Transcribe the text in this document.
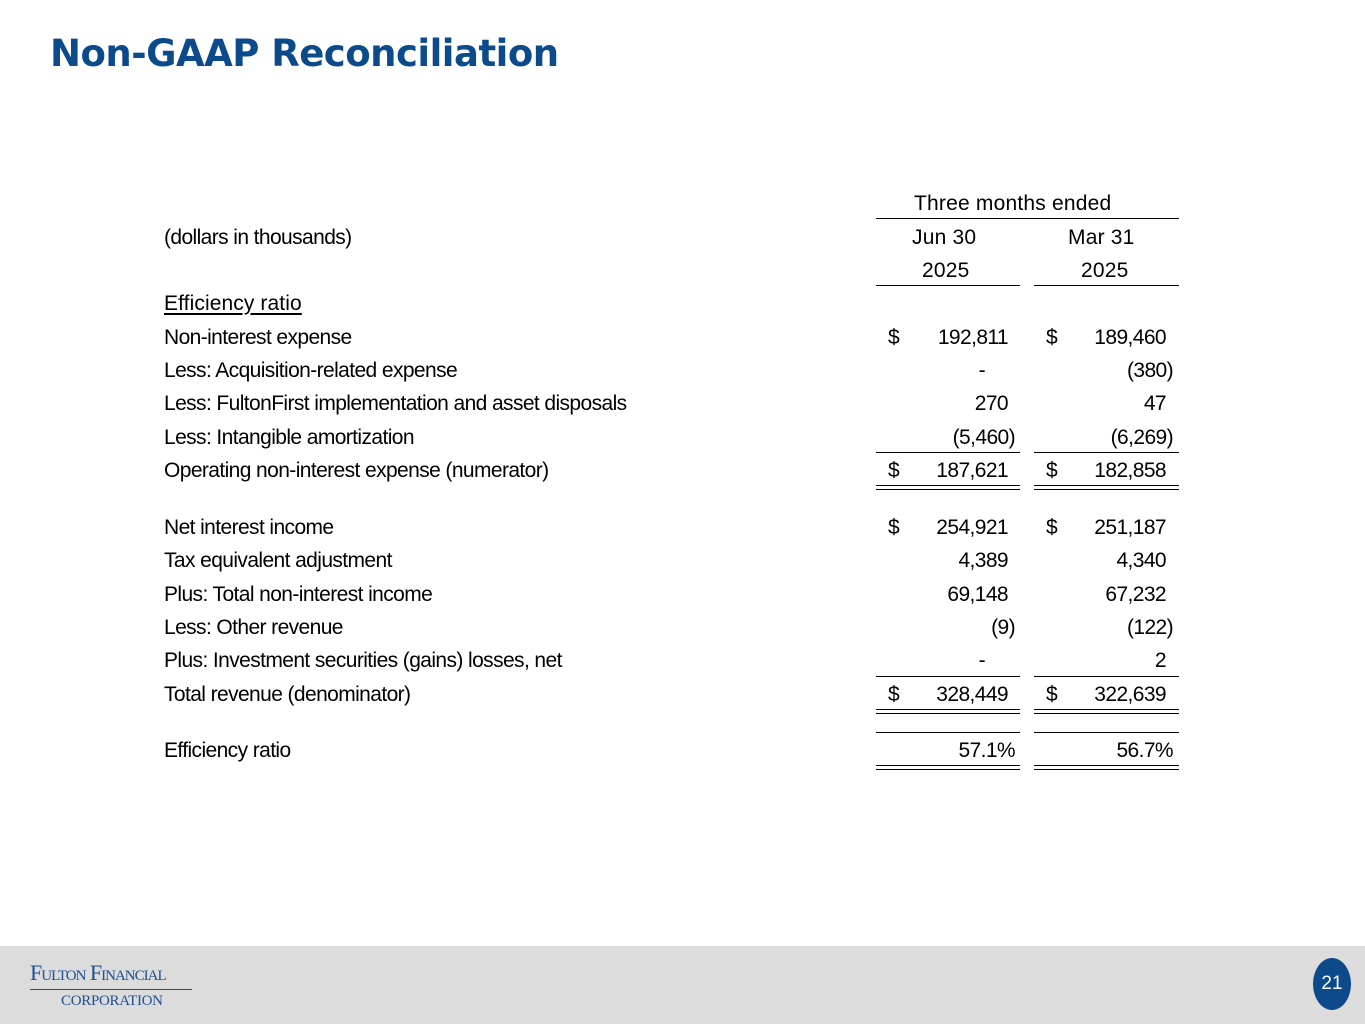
Non-GAAP Reconciliation
Three months ended
(dollars in thousands)	Jun 30	Mar 31
2025	2025
Efficiency ratio
Non-interest expense	$ 192,811 $ 189,460
Less: Acquisition-related expense	-	(380)
Less: FultonFirst implementation and asset disposals	270	47
Less: Intangible amortization	(5,460)	(6,269)
Operating non-interest expense (numerator)	$ 187,621 $ 182,858
Net interest income	$ 254,921 $ 251,187
Tax equivalent adjustment	4,389	4,340
Plus: Total non-interest income	69,148	67,232
Less: Other revenue	(9)	(122)
Plus: Investment securities (gains) losses, net	-	2
Total revenue (denominator)	$ 328,449 $ 322,639
Efficiency ratio	57.1%	56.7%
Fulton Financial
CORPORATION
21
